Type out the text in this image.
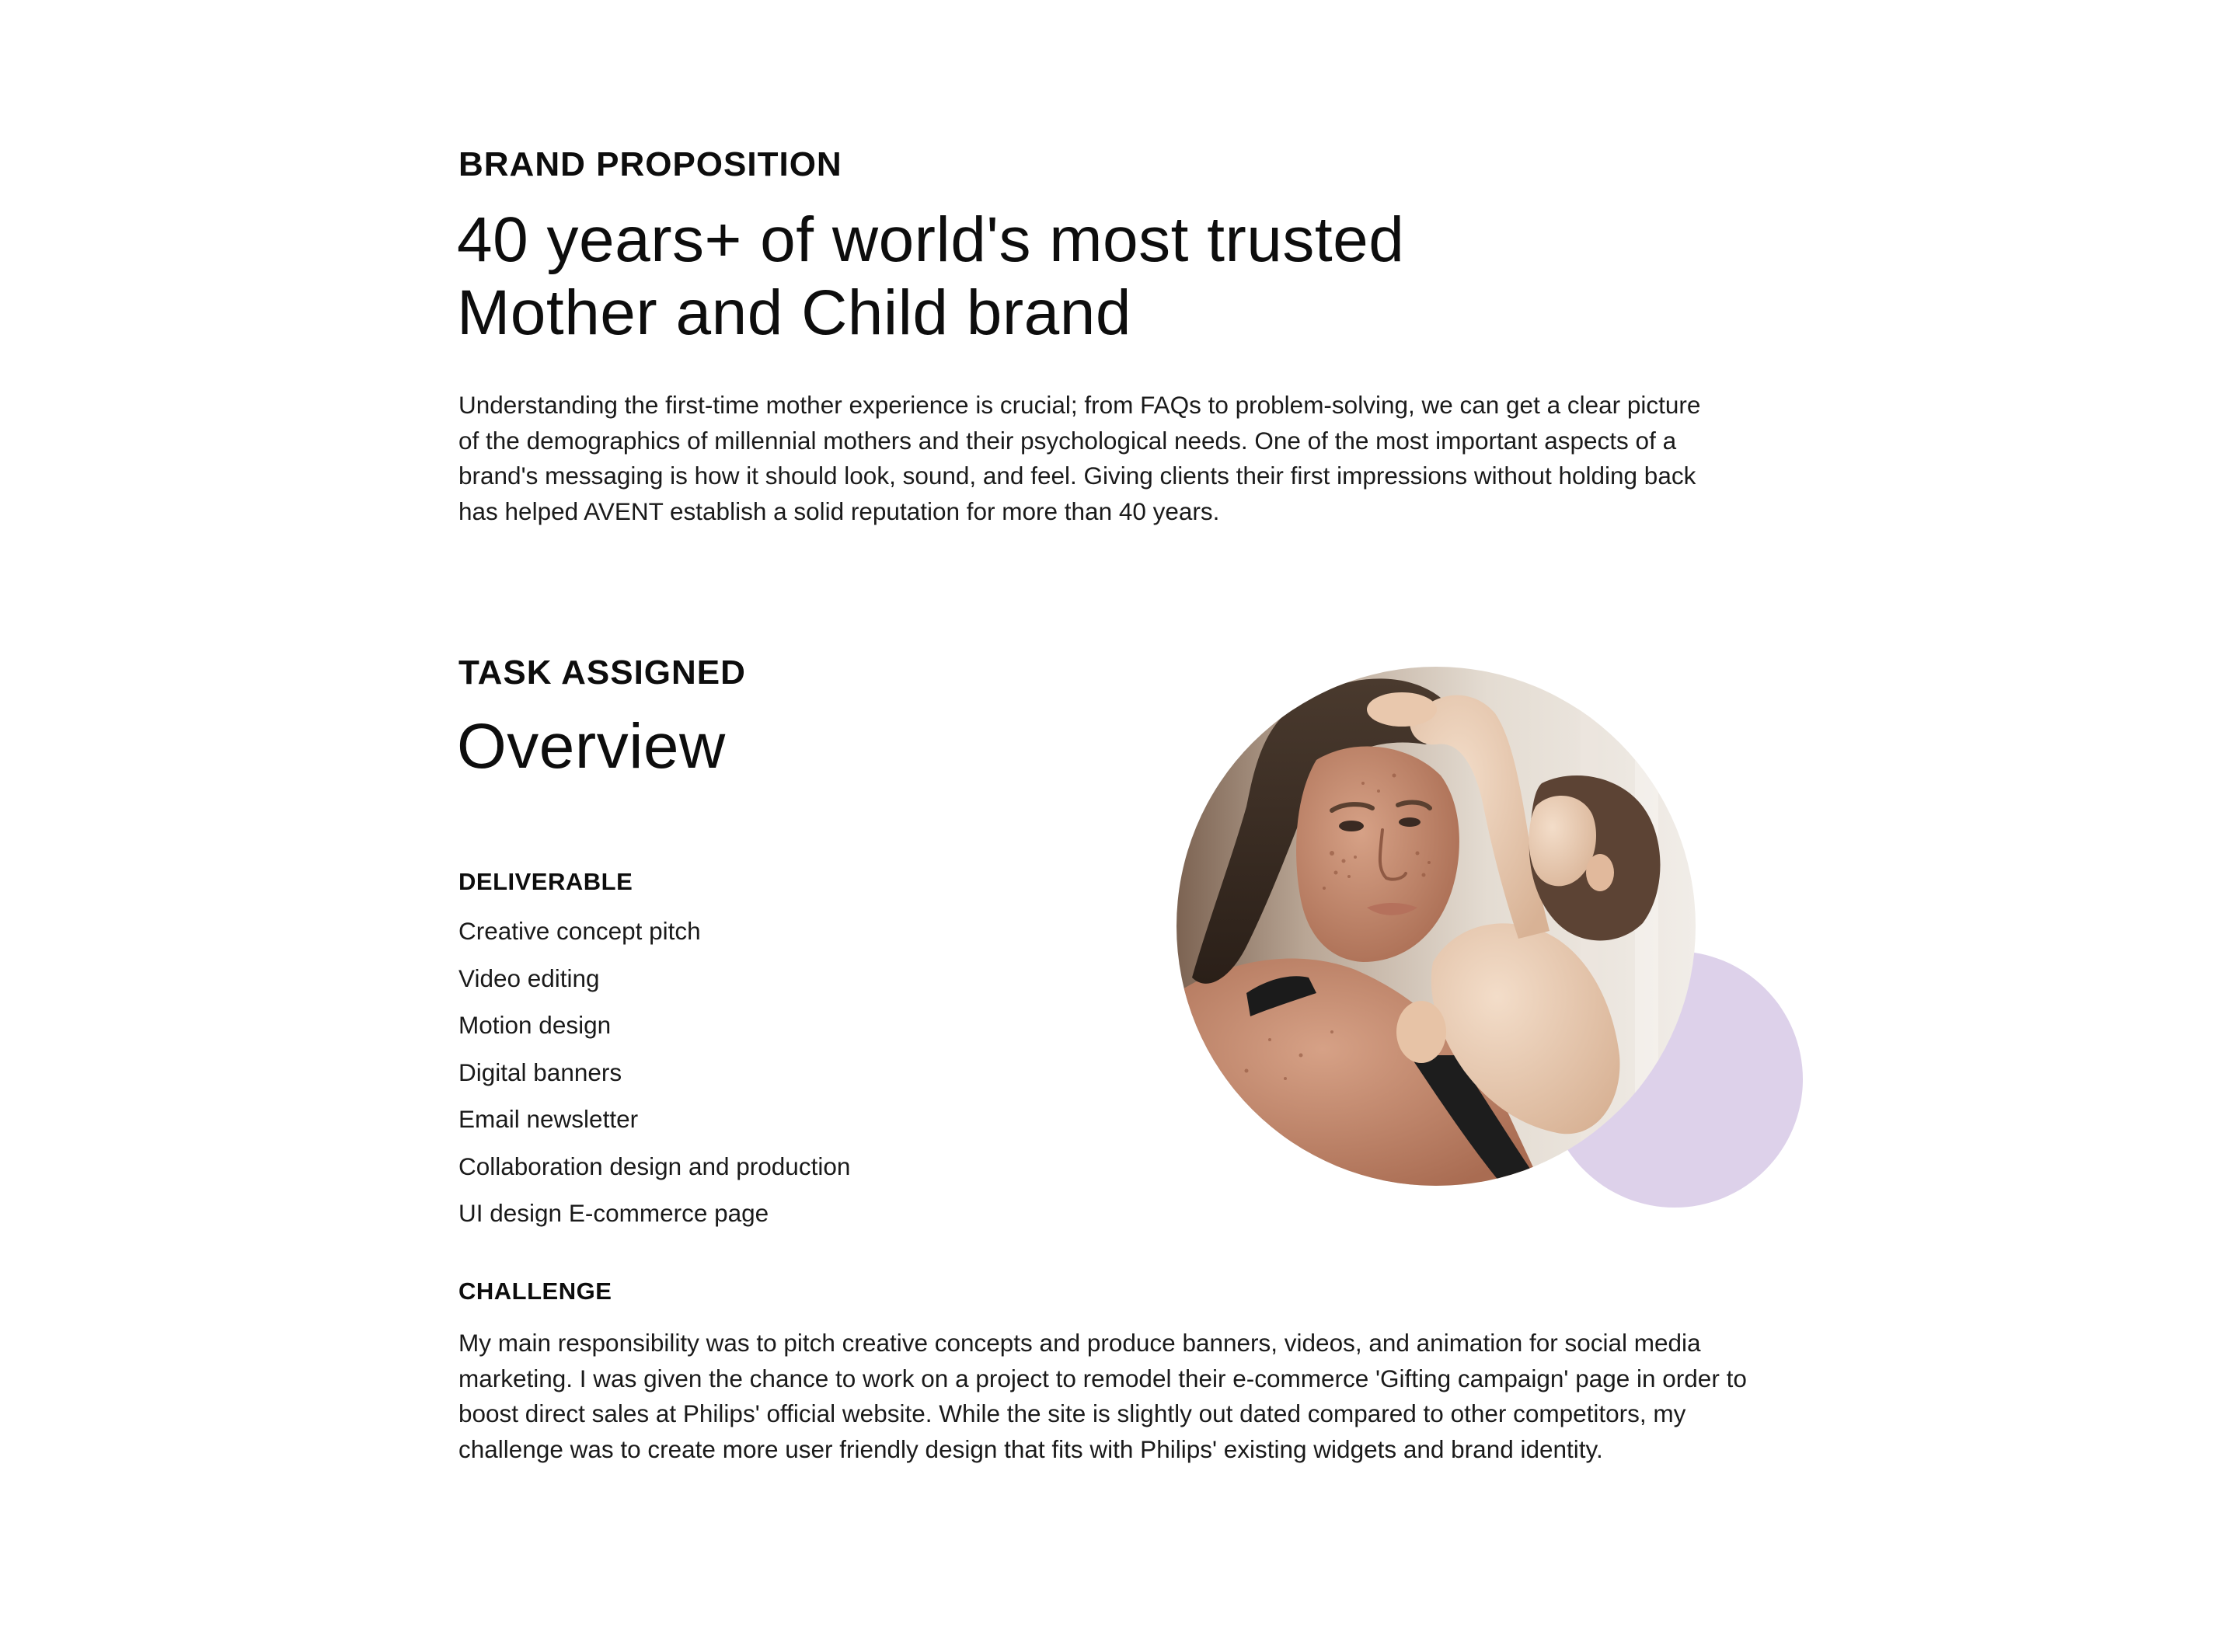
BRAND PROPOSITION
40 years+ of world's most trusted
Mother and Child brand

Understanding the first-time mother experience is crucial; from FAQs to problem-solving, we can get a clear picture of the demographics of millennial mothers and their psychological needs. One of the most important aspects of a brand's messaging is how it should look, sound, and feel. Giving clients their first impressions without holding back has helped AVENT establish a solid reputation for more than 40 years.

TASK ASSIGNED
Overview
DELIVERABLE
Creative concept pitch
Video editing
Motion design
Digital banners
Email newsletter
Collaboration design and production
UI design E-commerce page
CHALLENGE

My main responsibility was to pitch creative concepts and produce banners, videos, and animation for social media marketing. I was given the chance to work on a project to remodel their e-commerce 'Gifting campaign' page in order to boost direct sales at Philips' official website. While the site is slightly out dated compared to other competitors, my challenge was to create more user friendly design that fits with Philips' existing widgets and brand identity.
